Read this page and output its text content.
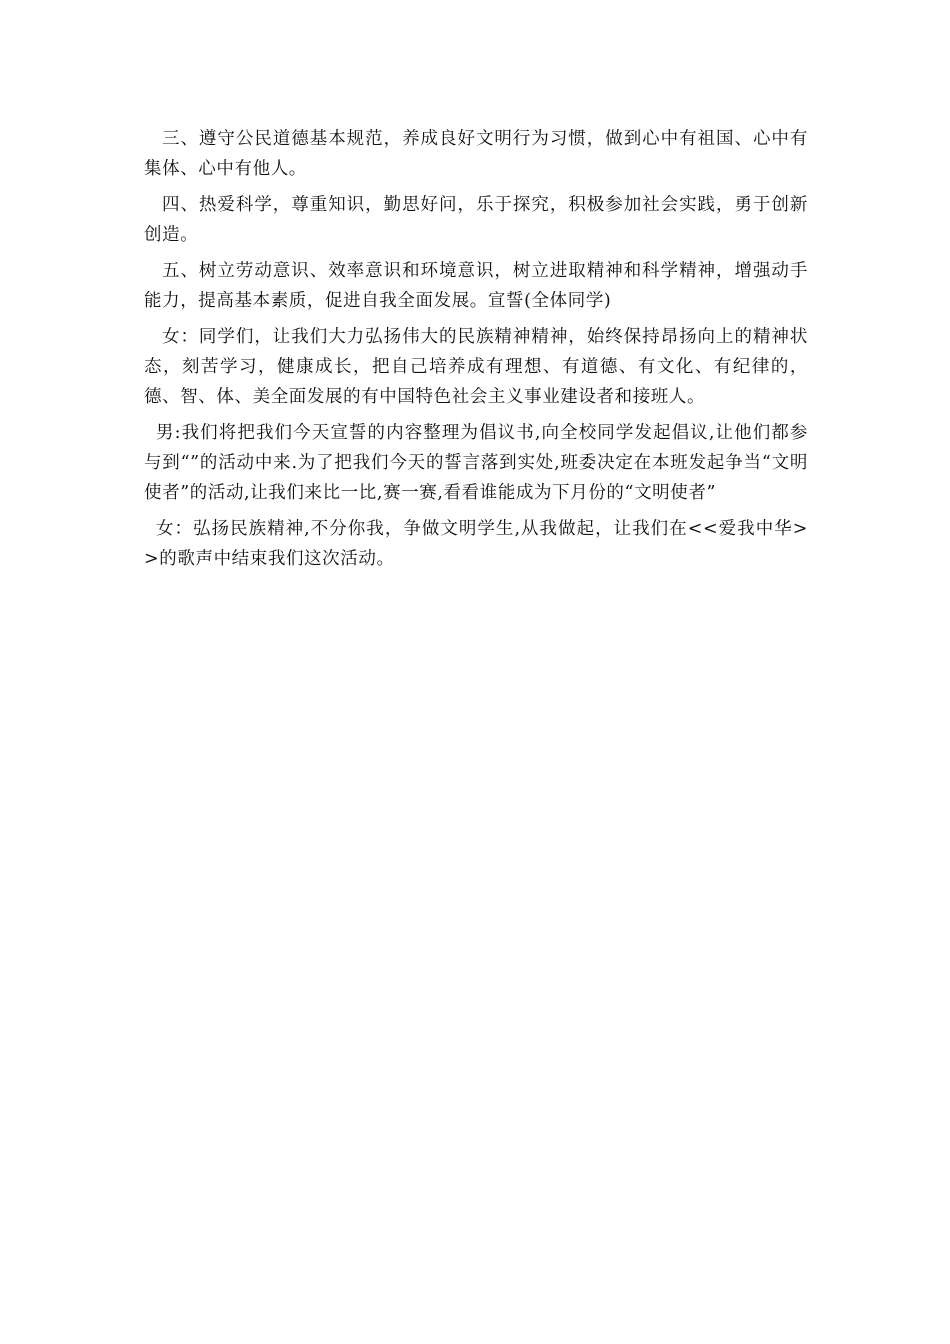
三、遵守公民道德基本规范，养成良好文明行为习惯，做到心中有祖国、心中有集体、心中有他人。

四、热爱科学，尊重知识，勤思好问，乐于探究，积极参加社会实践，勇于创新创造。

五、树立劳动意识、效率意识和环境意识，树立进取精神和科学精神，增强动手能力，提高基本素质，促进自我全面发展。宣誓(全体同学)

女：同学们，让我们大力弘扬伟大的民族精神精神，始终保持昂扬向上的精神状态，刻苦学习，健康成长，把自己培养成有理想、有道德、有文化、有纪律的，德、智、体、美全面发展的有中国特色社会主义事业建设者和接班人。

男:我们将把我们今天宣誓的内容整理为倡议书,向全校同学发起倡议,让他们都参与到“”的活动中来.为了把我们今天的誓言落到实处,班委决定在本班发起争当“文明使者”的活动,让我们来比一比,赛一赛,看看谁能成为下月份的“文明使者”

女：弘扬民族精神,不分你我，争做文明学生,从我做起，让我们在<<爱我中华>>的歌声中结束我们这次活动。
